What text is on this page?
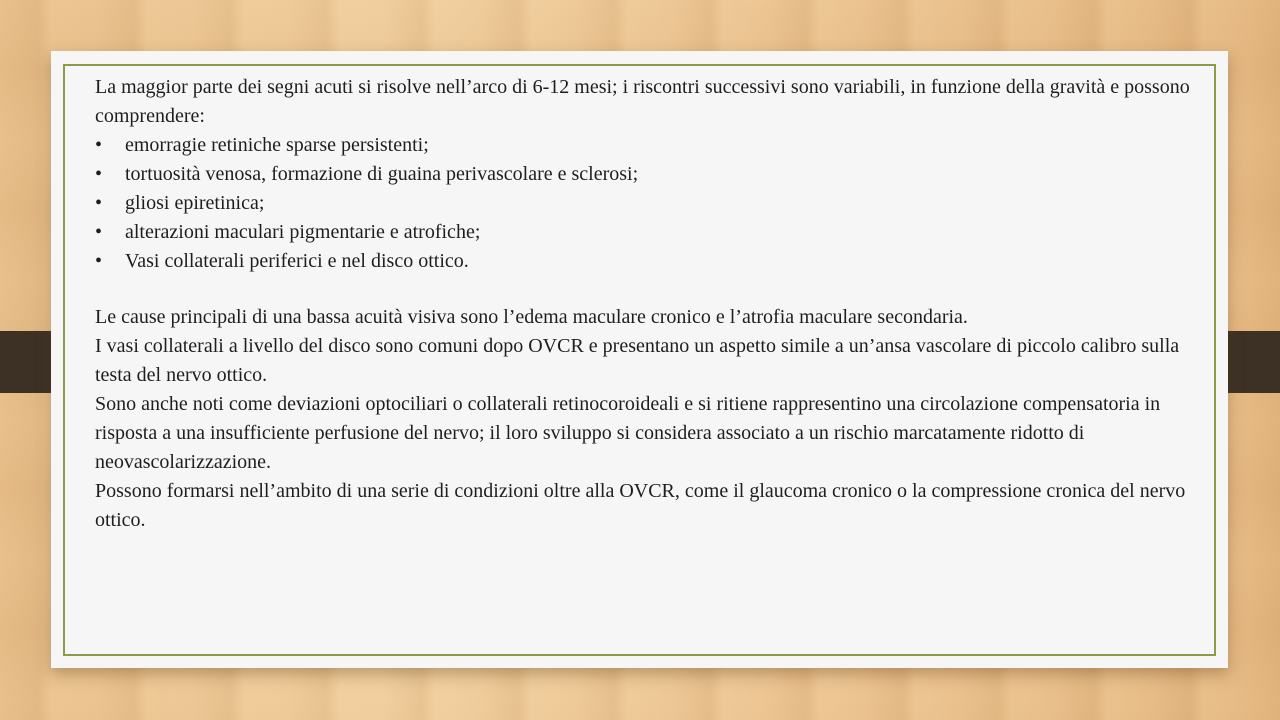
La maggior parte dei segni acuti si risolve nell’arco di 6-12 mesi; i riscontri successivi sono variabili, in funzione della gravità e possono comprendere:

• emorragie retiniche sparse persistenti;
• tortuosità venosa, formazione di guaina perivascolare e sclerosi;
• gliosi epiretinica;
• alterazioni maculari pigmentarie e atrofiche;
• Vasi collaterali periferici e nel disco ottico.

Le cause principali di una bassa acuità visiva sono l’edema maculare cronico e l’atrofia maculare secondaria.

I vasi collaterali a livello del disco sono comuni dopo OVCR e presentano un aspetto simile a un’ansa vascolare di piccolo calibro sulla testa del nervo ottico.

Sono anche noti come deviazioni optociliari o collaterali retinocoroideali e si ritiene rappresentino una circolazione compensatoria in risposta a una insufficiente perfusione del nervo; il loro sviluppo si considera associato a un rischio marcatamente ridotto di neovascolarizzazione.

Possono formarsi nell’ambito di una serie di condizioni oltre alla OVCR, come il glaucoma cronico o la compressione cronica del nervo ottico.
